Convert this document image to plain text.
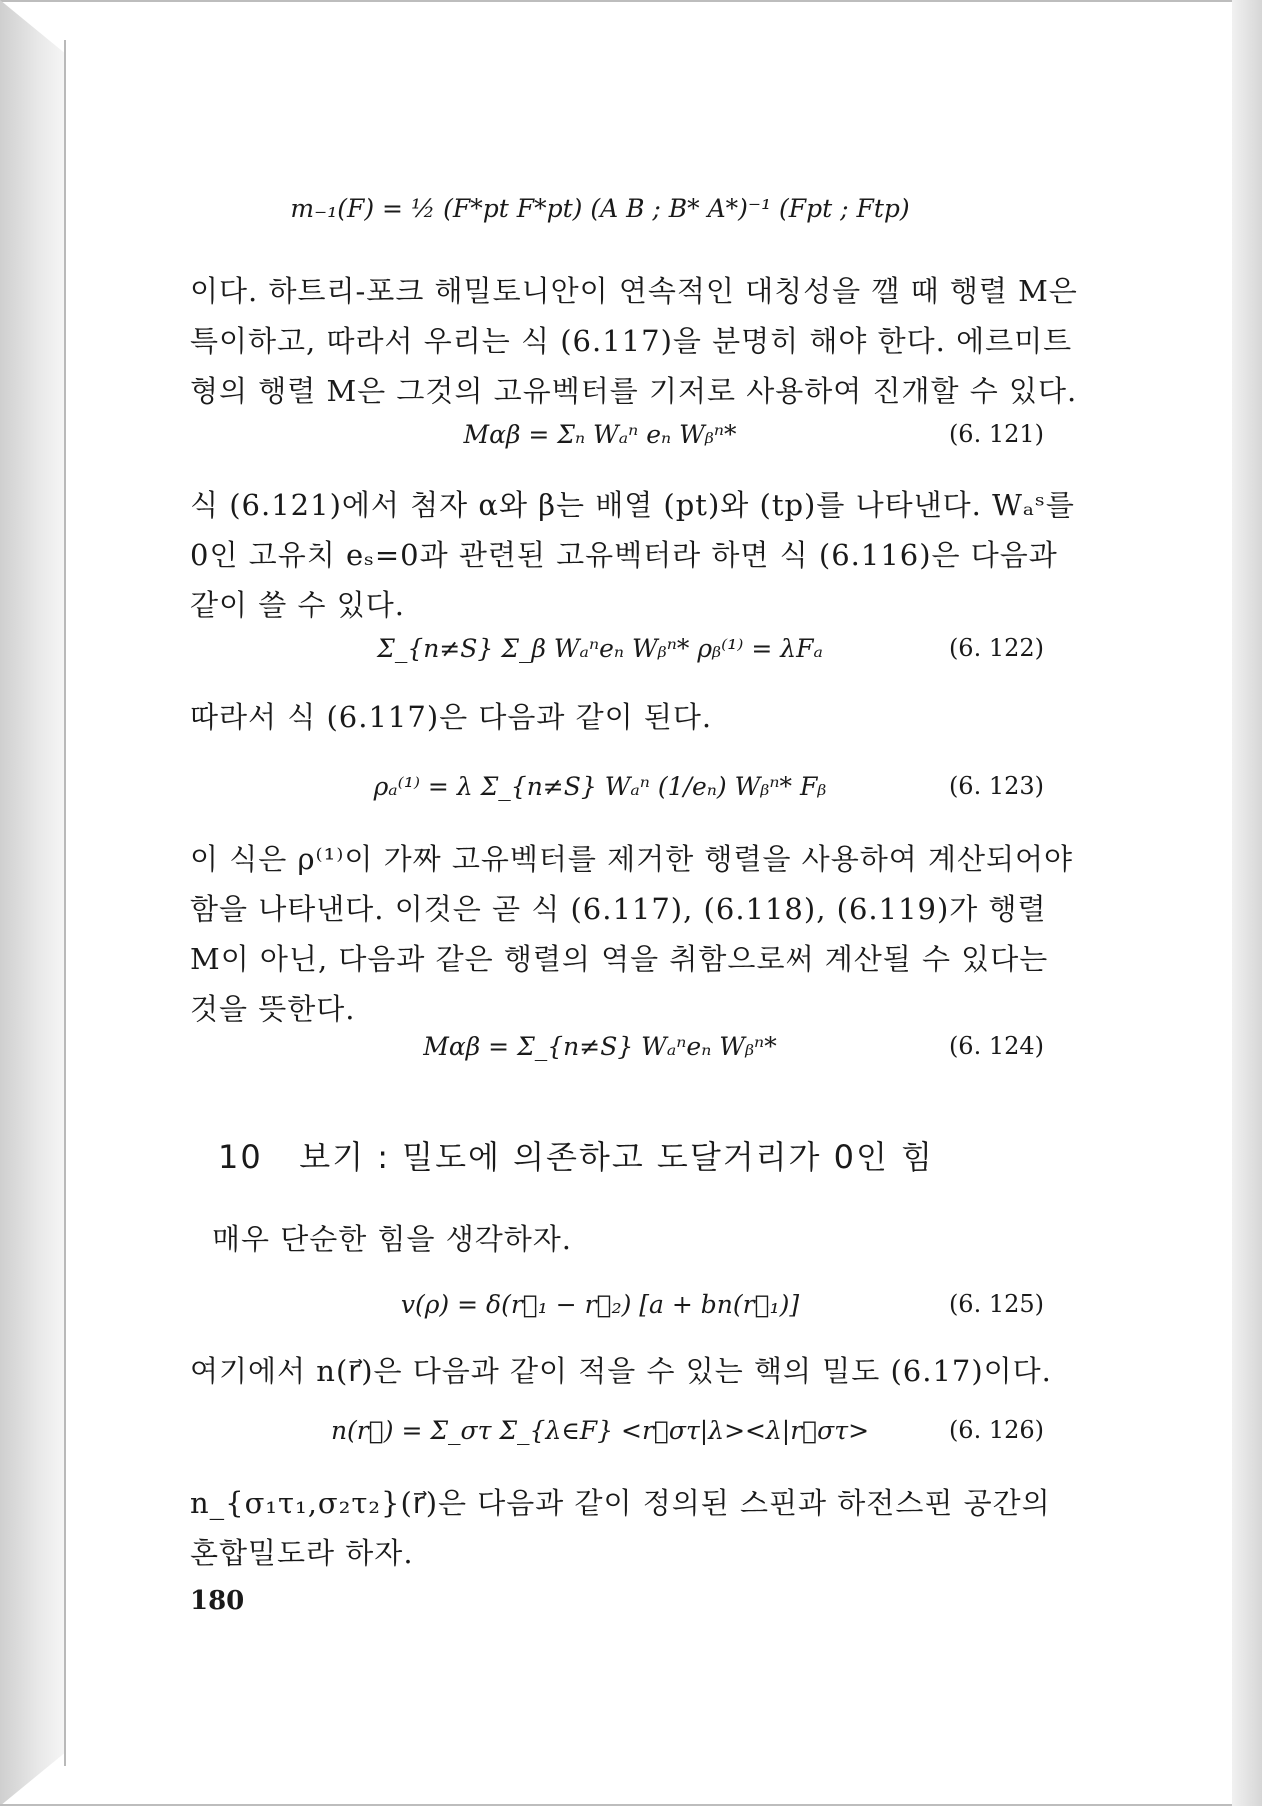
m₋₁(F) = ½ (F*pt F*pt) (A B ; B* A*)⁻¹ (Fpt ; Ftp)
이다. 하트리-포크 해밀토니안이 연속적인 대칭성을 깰 때 행렬 M은 특이하고, 따라서 우리는 식 (6.117)을 분명히 해야 한다. 에르미트형의 행렬 M은 그것의 고유벡터를 기저로 사용하여 진개할 수 있다.
Mαβ = Σₙ Wₐⁿ eₙ Wᵦⁿ*	(6. 121)
식 (6.121)에서 첨자 α와 β는 배열 (pt)와 (tp)를 나타낸다. Wₐˢ를 0인 고유치 eₛ=0과 관련된 고유벡터라 하면 식 (6.116)은 다음과 같이 쓸 수 있다.
Σ_{n≠S} Σ_β Wₐⁿeₙ Wᵦⁿ* ρᵦ⁽¹⁾ = λFₐ	(6. 122)
따라서 식 (6.117)은 다음과 같이 된다.
ρₐ⁽¹⁾ = λ Σ_{n≠S} Wₐⁿ (1/eₙ) Wᵦⁿ* Fᵦ	(6. 123)
이 식은 ρ⁽¹⁾이 가짜 고유벡터를 제거한 행렬을 사용하여 계산되어야 함을 나타낸다. 이것은 곧 식 (6.117), (6.118), (6.119)가 행렬 M이 아닌, 다음과 같은 행렬의 역을 취함으로써 계산될 수 있다는 것을 뜻한다.
Mαβ = Σ_{n≠S} Wₐⁿeₙ Wᵦⁿ*	(6. 124)
10 보기 : 밀도에 의존하고 도달거리가 0인 힘
매우 단순한 힘을 생각하자.
v(ρ) = δ(r⃗₁ − r⃗₂) [a + bn(r⃗₁)]	(6. 125)
여기에서 n(r⃗)은 다음과 같이 적을 수 있는 핵의 밀도 (6.17)이다.
n(r⃗) = Σ_στ Σ_{λ∈F} <r⃗στ|λ><λ|r⃗στ>	(6. 126)
n_{σ₁τ₁,σ₂τ₂}(r⃗)은 다음과 같이 정의된 스핀과 하전스핀 공간의 혼합밀도라 하자.
180
